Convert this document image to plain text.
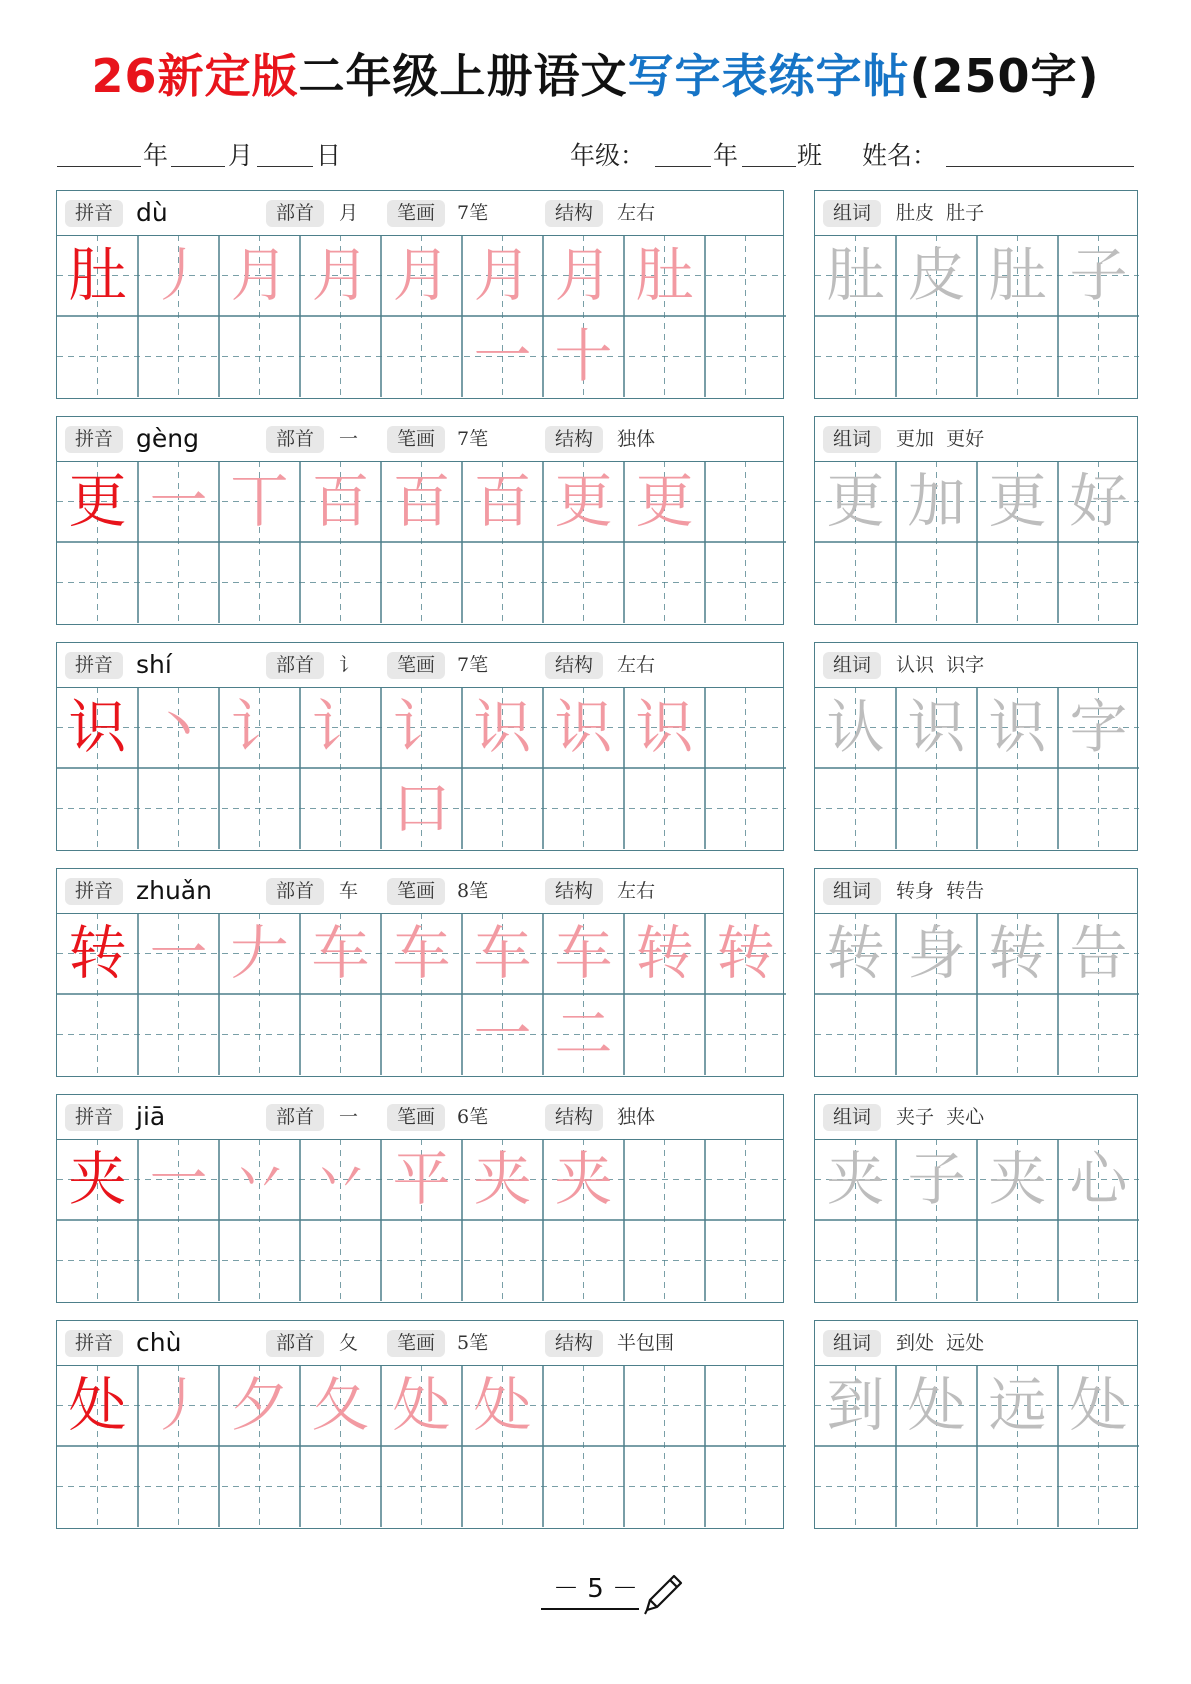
26新定版二年级上册语文写字表练字帖(250字)
年 月	日	年级：	年 班 姓名：
拼音 dù	部首	月	笔画	7笔	结构	左右
肚 丿 月 月 月 月一
月十
肚
组词	肚皮  肚子
肚 皮 肚 子
拼音 gèng	部首	一	笔画	7笔	结构	独体
更 一 丅 百 百 百 更 更
组词	更加  更好
更 加 更 好
拼音 shí	部首	讠	笔画	7笔	结构	左右
识 丶 讠 讠 讠口
识 识 识
组词	认识  识字
认 识 识 字
拼音 zhuǎn	部首	车	笔画	8笔	结构	左右
转 一 𠂇 车 车 车一
车二
转 转
组词	转身  转告
转 身 转 告
拼音 jiā	部首	一	笔画	6笔	结构	独体
夹 一 丷 丷 平 夹 夹
组词	夹子  夹心
夹 子 夹 心
拼音 chù	部首	夂	笔画	5笔	结构	半包围
处 丿 夕 夂 处 处
组词	到处  远处
到 处 远 处
－ 5 －
